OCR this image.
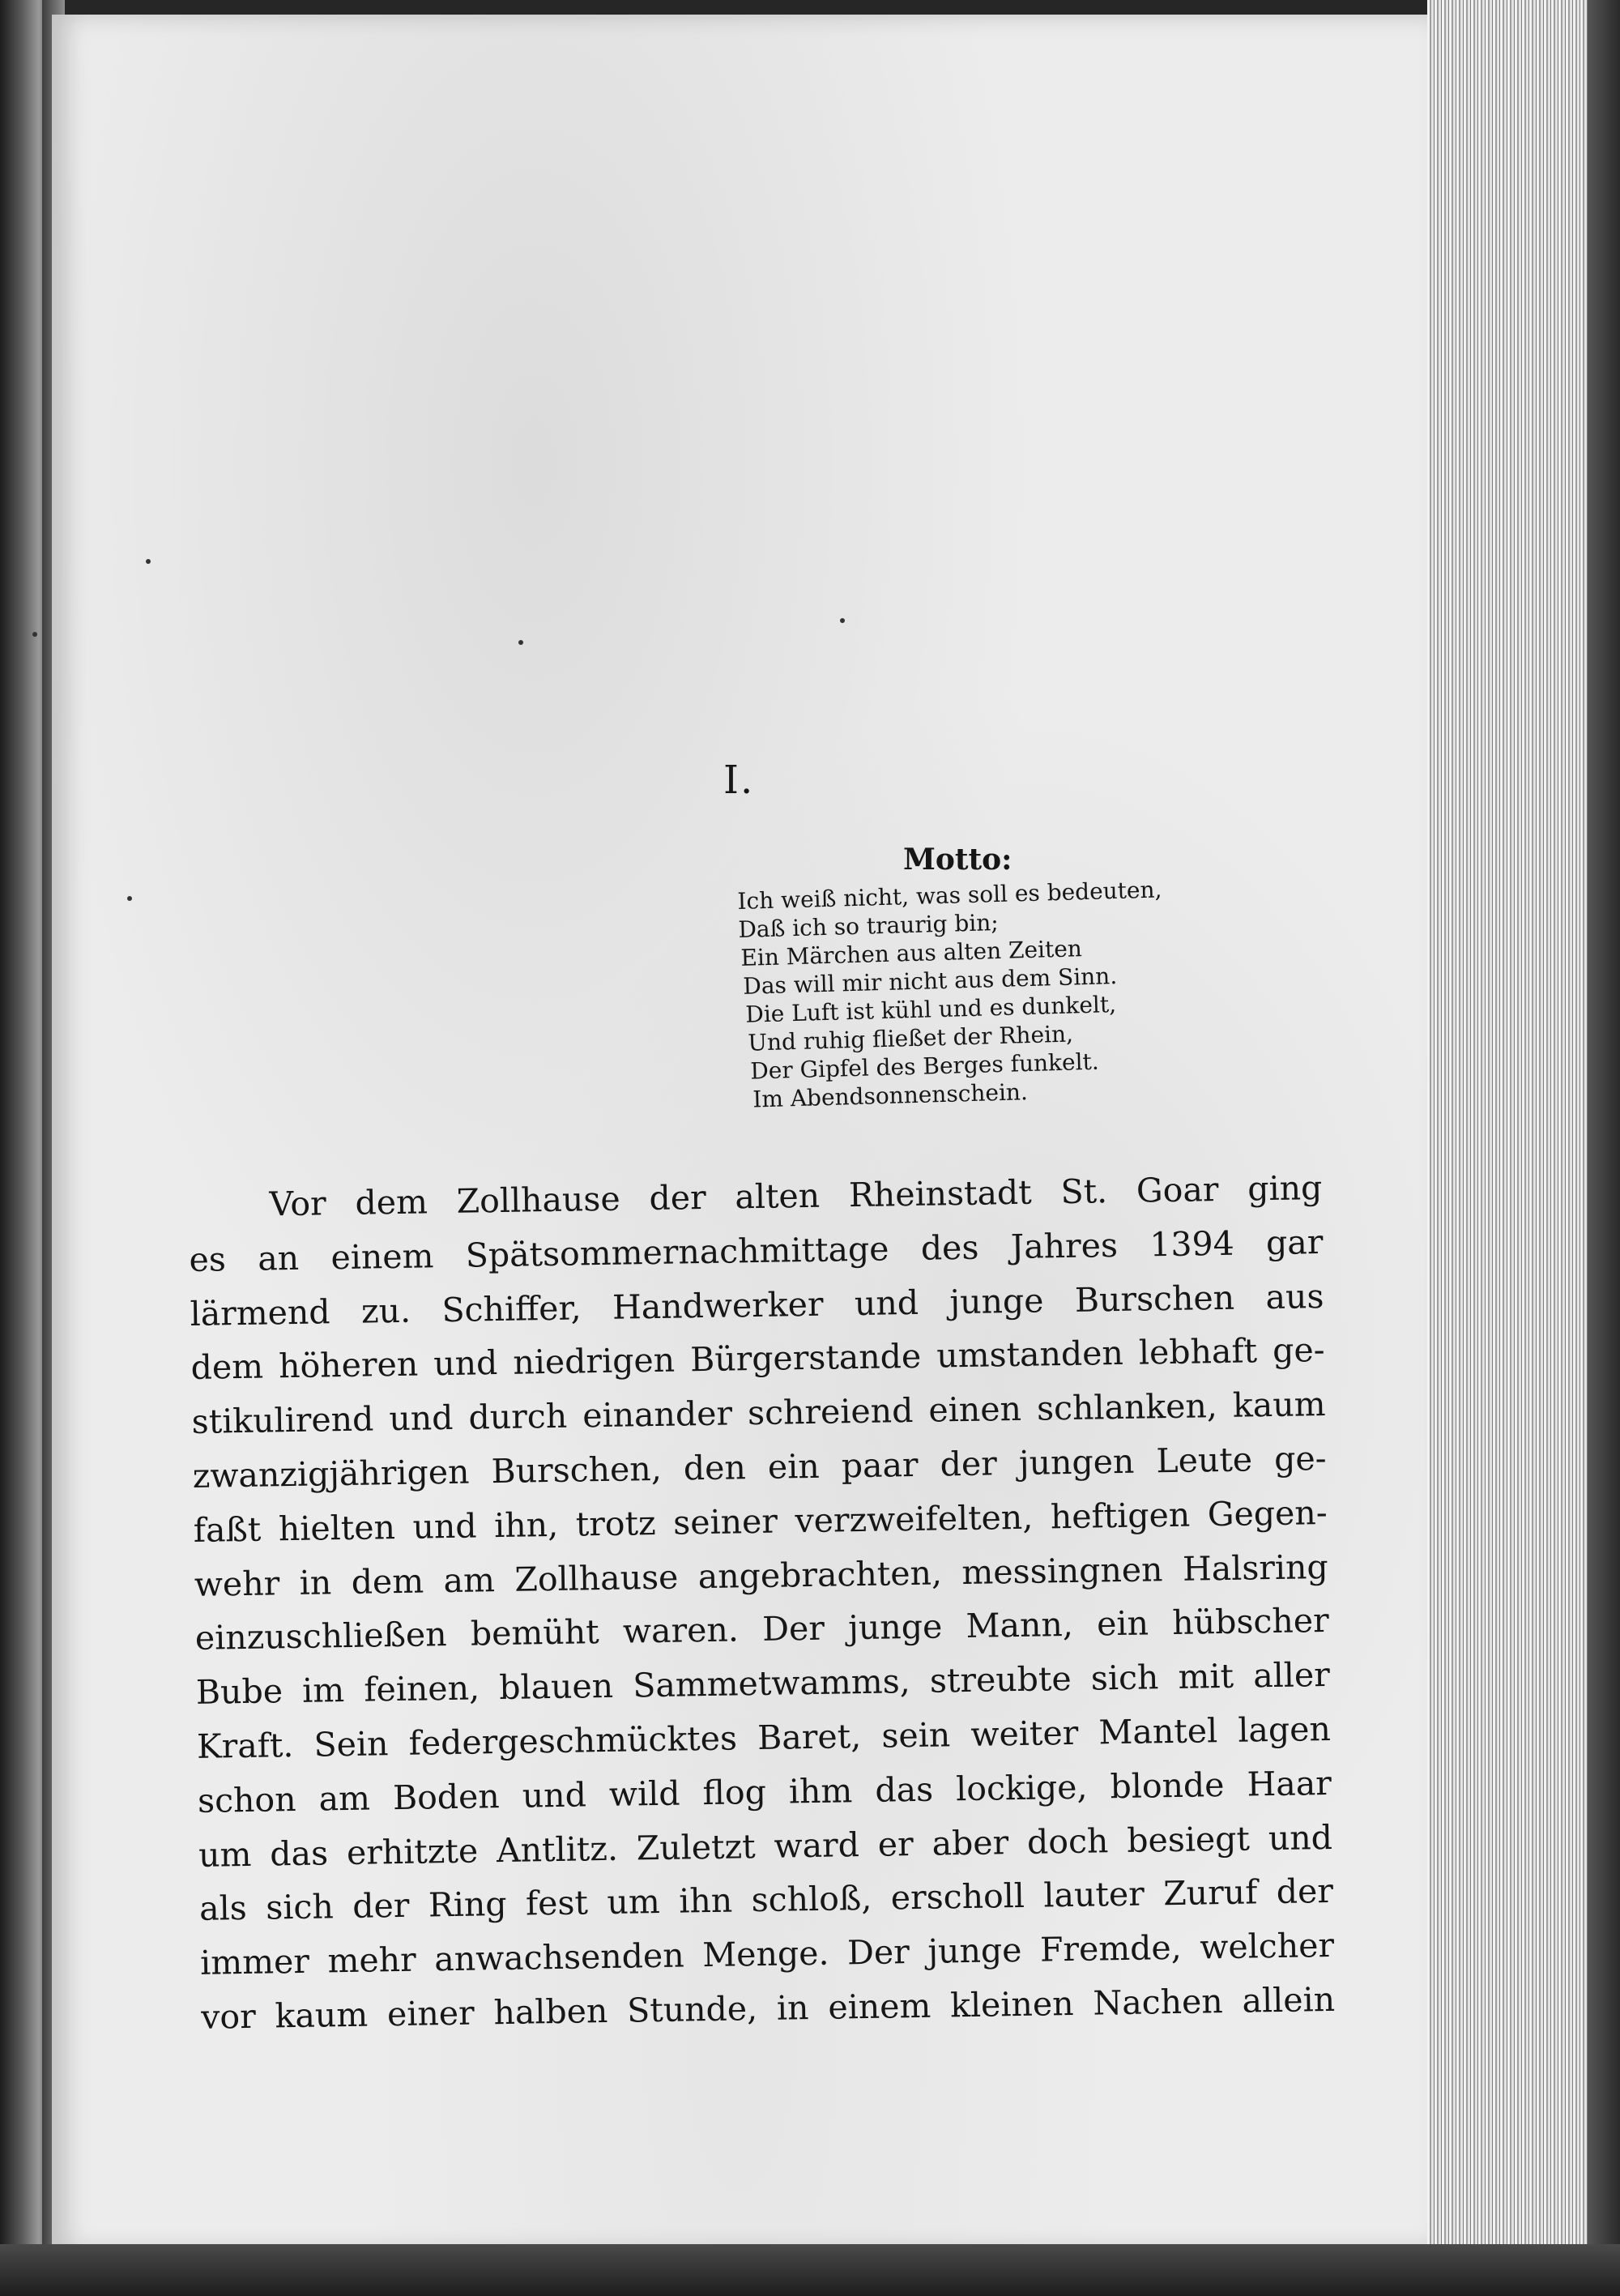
I.
Motto:
Ich weiß nicht, was soll es bedeuten,
Daß ich so traurig bin;
Ein Märchen aus alten Zeiten
Das will mir nicht aus dem Sinn.
Die Luft ist kühl und es dunkelt,
Und ruhig fließet der Rhein,
Der Gipfel des Berges funkelt.
Im Abendsonnenschein.
Vor dem Zollhause der alten Rheinstadt St. Goar ging
es an einem Spätsommernachmittage des Jahres 1394 gar
lärmend zu. Schiffer, Handwerker und junge Burschen aus
dem höheren und niedrigen Bürgerstande umstanden lebhaft ge-
stikulirend und durch einander schreiend einen schlanken, kaum
zwanzigjährigen Burschen, den ein paar der jungen Leute ge-
faßt hielten und ihn, trotz seiner verzweifelten, heftigen Gegen-
wehr in dem am Zollhause angebrachten, messingnen Halsring
einzuschließen bemüht waren. Der junge Mann, ein hübscher
Bube im feinen, blauen Sammetwamms, streubte sich mit aller
Kraft. Sein federgeschmücktes Baret, sein weiter Mantel lagen
schon am Boden und wild flog ihm das lockige, blonde Haar
um das erhitzte Antlitz. Zuletzt ward er aber doch besiegt und
als sich der Ring fest um ihn schloß, erscholl lauter Zuruf der
immer mehr anwachsenden Menge. Der junge Fremde, welcher
vor kaum einer halben Stunde, in einem kleinen Nachen allein
